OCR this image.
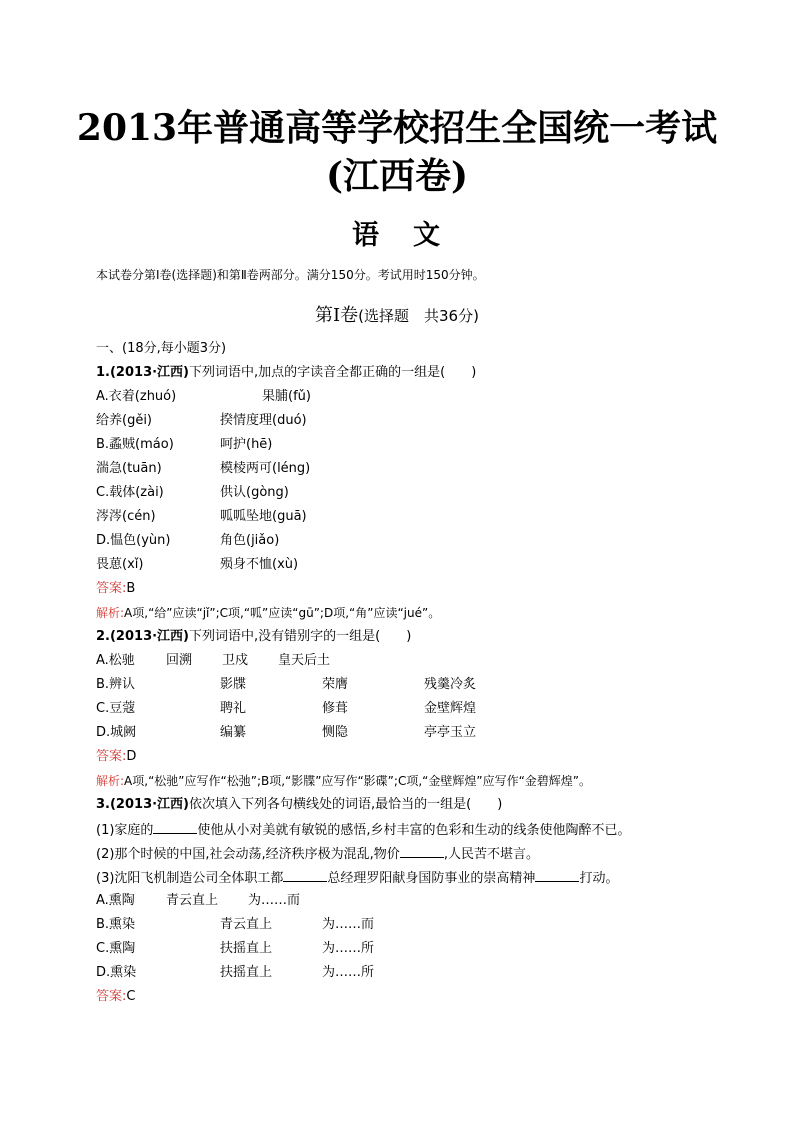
2013年普通高等学校招生全国统一考试
(江西卷)
语 文
本试卷分第Ⅰ卷(选择题)和第Ⅱ卷两部分。满分150分。考试用时150分钟。
第Ⅰ卷(选择题　共36分)
一、(18分,每小题3分)
1.(2013·江西)下列词语中,加点的字读音全都正确的一组是(　　)
A.衣着(zhuó)	果脯(fǔ)
给养(gěi)	揆情度理(duó)
B.蟊贼(máo)	呵护(hē)
湍急(tuān)	模棱两可(léng)
C.载体(zài)	供认(gòng)
涔涔(cén)	呱呱坠地(guā)
D.愠色(yùn)	角色(jiǎo)
畏葸(xǐ)	殒身不恤(xù)
答案:B
解析:A项,“给”应读“jǐ”;C项,“呱”应读“gū”;D项,“角”应读“jué”。
2.(2013·江西)下列词语中,没有错别字的一组是(　　)
A.松驰 回溯 卫戍 皇天后土
B.辨认	影牒	荣膺	残羹冷炙
C.豆蔻	聘礼	修葺	金壁辉煌
D.城阙	编纂	恻隐	亭亭玉立
答案:D
解析:A项,“松驰”应写作“松弛”;B项,“影牒”应写作“影碟”;C项,“金壁辉煌”应写作“金碧辉煌”。
3.(2013·江西)依次填入下列各句横线处的词语,最恰当的一组是(　　)
(1)家庭的	使他从小对美就有敏锐的感悟,乡村丰富的色彩和生动的线条使他陶醉不已。
(2)那个时候的中国,社会动荡,经济秩序极为混乱,物价	,人民苦不堪言。
(3)沈阳飞机制造公司全体职工都	总经理罗阳献身国防事业的崇高精神	打动。
A.熏陶 青云直上 为……而
B.熏染	青云直上	为……而
C.熏陶	扶摇直上	为……所
D.熏染	扶摇直上	为……所
答案:C
